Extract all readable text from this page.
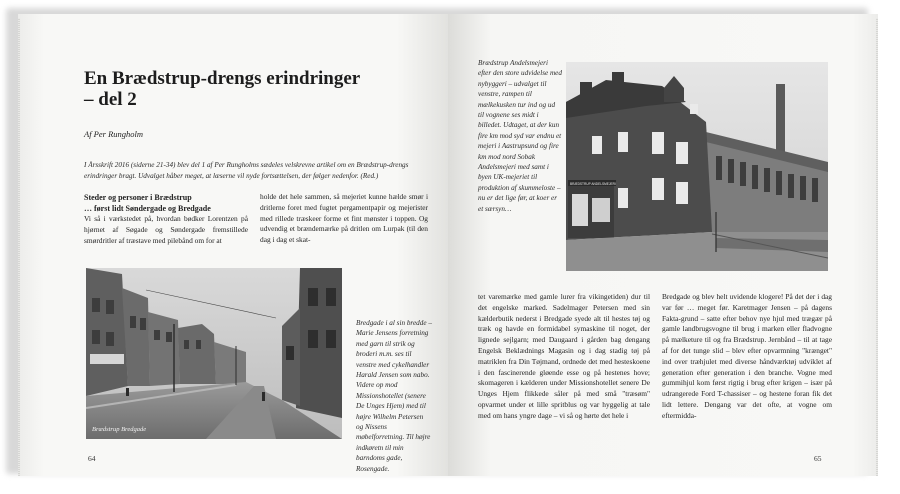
En Brædstrup-drengs erindringer
– del 2
Af Per Rungholm
I Årsskrift 2016 (siderne 21-34) blev del 1 af Per Rungholms sædeles velskrevne artikel om en Brædstrup-drengs erindringer bragt. Udvalget håber meget, at læserne vil nyde fortsættelsen, der følger nedenfor. (Red.)

Steder og personer i Brædstrup

… først lidt Søndergade og Bredgade

Vi så i værkstedet på, hvordan bødker Lorentzen på hjørnet af Søgade og Søndergade fremstillede smørdritler af træstave med pilebånd om for at

holde det hele sammen, så mejeriet kunne hælde smør i dritlerne foret med fugtet pergamentpapir og mejerister med rillede træskeer forme et fint mønster i toppen. Og udvendig et brændemærke på dritlen om Lurpak (til den dag i dag et skat-

Brædstrup Bredgade
Bredgade i al sin bredde – Marie Jensens forretning med garn til strik og broderi m.m. ses til venstre med cykelhandler Harald Jensen som nabo. Videre op mod Missionshotellet (senere De Unges Hjem) med til højre Wilhelm Petersen og Nissens møbelforretning. Til højre indkøretn til min barndoms gade, Rosengade.
64
Brædstrup Andelsmejeri efter den store udvidelse med nybyggeri – udvalget til venstre, rampen til mælkekusken tur ind og ud til vognene ses midt i billedet. Udtaget, at der kun fire km mod syd var endnu et mejeri i Aastrupsund og fire km mod nord Sobak Andelsmejeri med samt i byen UK-mejeriet til produktion af skummeloste – nu er det lige før, at koer er et særsyn…
BRÆDSTRUP ANDELSMEJERI

tet varemærke med gamle lurer fra vikingetiden) dur til det engelske marked. Sadelmager Petersen med sin kælderbutik nederst i Bredgade syede alt til hestes tøj og træk og havde en formidabel symaskine til noget, der lignede sejlgarn; med Daugaard i gården bag dengang Engelsk Beklædnings Magasin og i dag stadig tøj på matriklen fra Din Tøjmand, ordnede det med hesteskoene i den fascinerende gløende esse og på hestenes hove; skomageren i kælderen under Missionshotellet senere De Unges Hjem flikkede såler på med små "træsøm" opvarmet under et lille spritblus og var hyggelig at tale med om hans yngre dage – vi så og hørte det hele i

Bredgade og blev helt uvidende klogere! På det der i dag var før … meget før. Karetmager Jensen – på dagens Fakta-grund – satte efter behov nye hjul med trægær på gamle landbrugsvogne til brug i marken eller fladvogne på mælketure til og fra Brædstrup. Jernbånd – til at tage af for det tunge slid – blev efter opvarmning "krænget" ind over træhjulet med diverse håndværktøj udviklet af generation efter generation i den branche. Vogne med gummihjul kom først rigtig i brug efter krigen – især på udrangerede Ford T-chassiser – og hestene foran fik det lidt lettere. Dengang var det ofte, at vogne om eftermidda-

65
